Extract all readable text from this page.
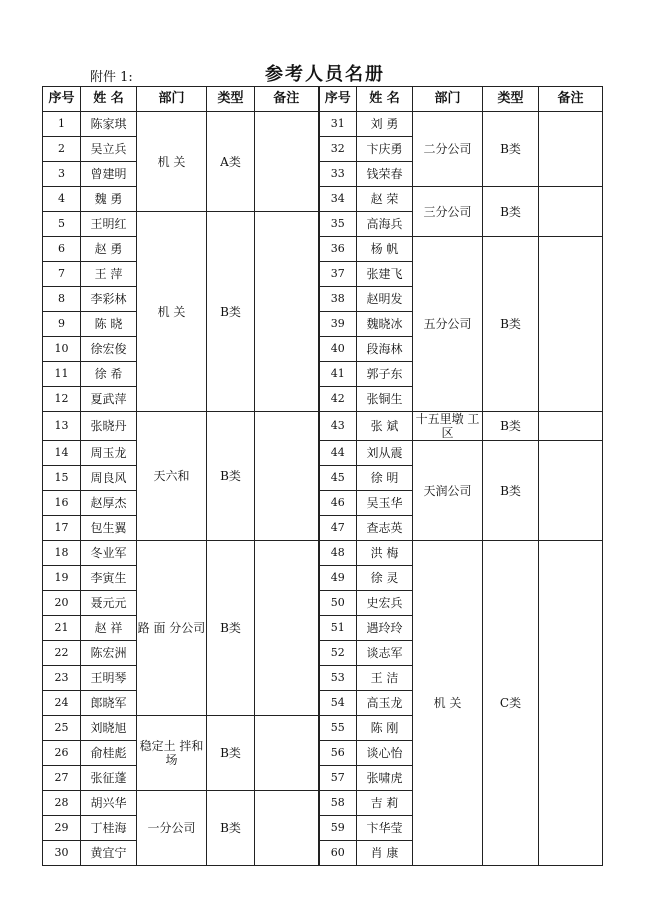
附件 1:	参考人员名册
序号	姓 名	部门	类型	备注	序号	姓 名	部门	类型	备注
1	陈家琪	机 关	A类		31	刘 勇	二分公司	B类	
2	吴立兵				32	卞庆勇			
3	曾建明				33	钱荣春			
4	魏 勇				34	赵 荣	三分公司	B类	
5	王明红	机 关	B类		35	高海兵			
6	赵 勇				36	杨 帆	五分公司	B类	
7	王 萍				37	张建飞			
8	李彩林				38	赵明发			
9	陈 晓				39	魏晓冰			
10	徐宏俊				40	段海林			
11	徐 希				41	郭子东			
12	夏武萍				42	张铜生			
13	张晓丹	天六和	B类		43	张 斌	十五里墩 工 区	B类	
14	周玉龙				44	刘从震	天润公司	B类	
15	周良风				45	徐 明			
16	赵厚杰				46	吴玉华			
17	包生翼				47	查志英			
18	冬业军	路 面 分公司	B类		48	洪 梅	机 关	C类	
19	李寅生				49	徐 灵			
20	聂元元				50	史宏兵			
21	赵 祥				51	遇玲玲			
22	陈宏洲				52	谈志军			
23	王明琴				53	王 洁			
24	郎晓军				54	高玉龙			
25	刘晓旭	稳定土 拌和场	B类		55	陈 刚			
26	俞桂彪				56	谈心怡			
27	张征蓬				57	张啸虎			
28	胡兴华	一分公司	B类		58	吉 莉			
29	丁桂海				59	卞华莹			
30	黄宜宁				60	肖 康			
